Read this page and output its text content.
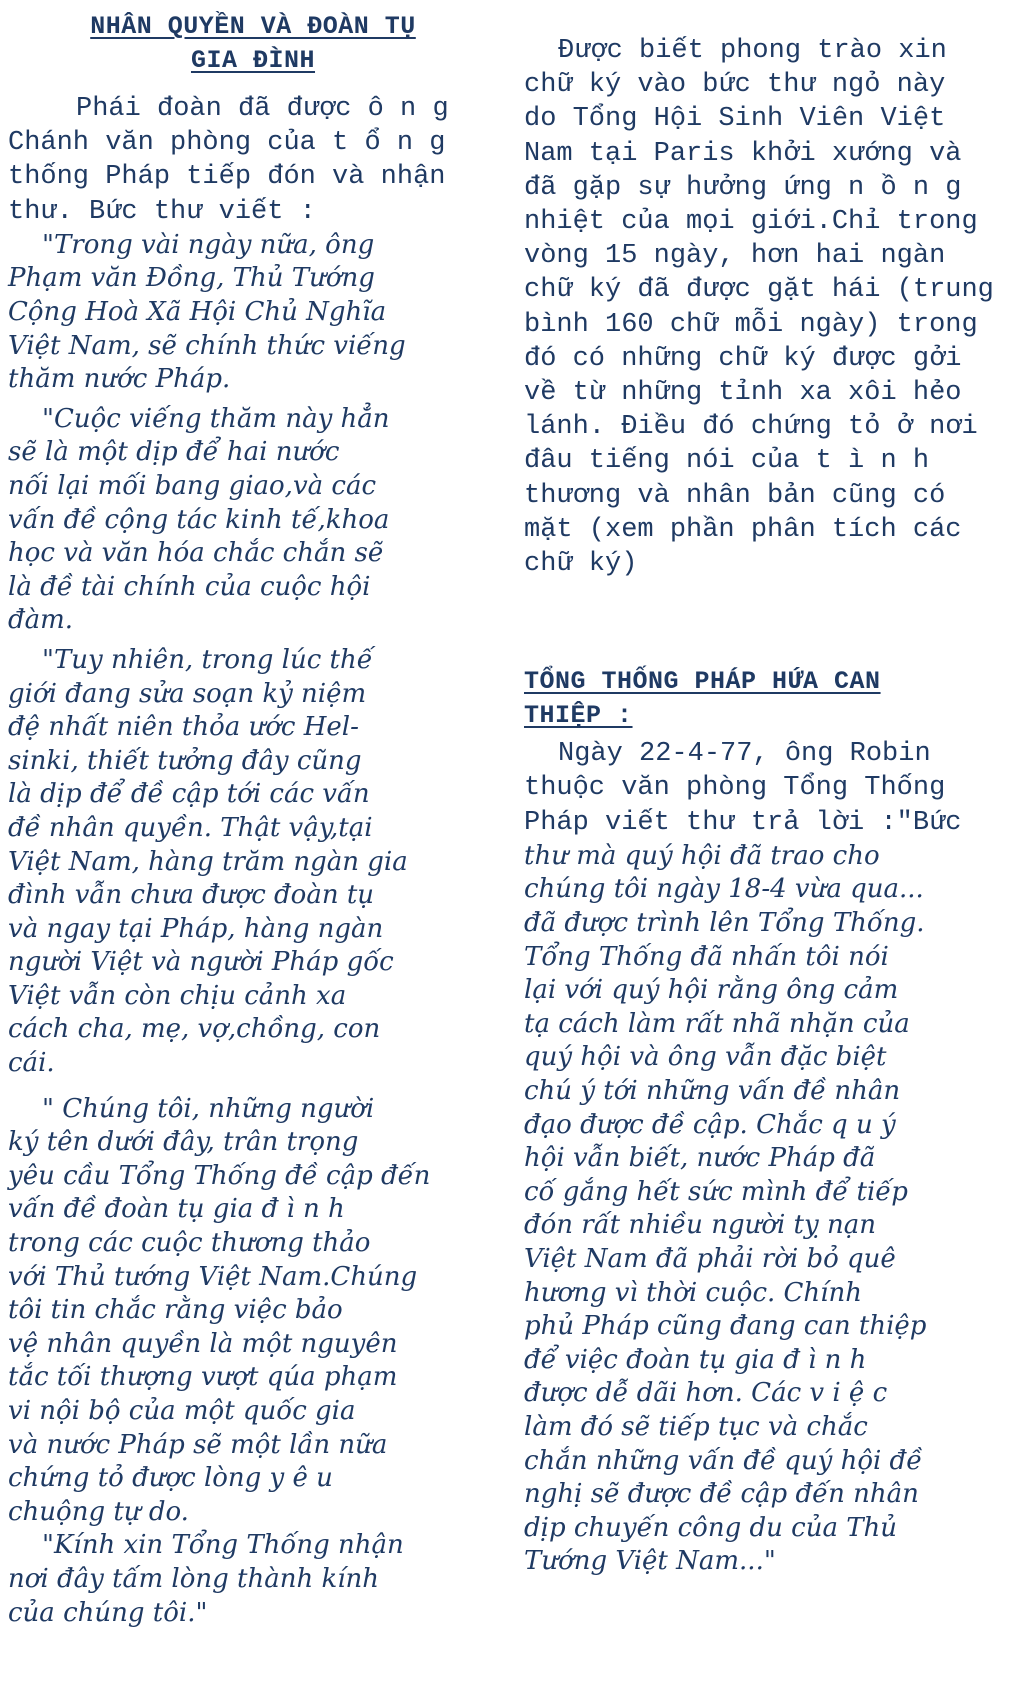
NHÂN QUYỀN VÀ ĐOÀN TỤ
GIA ĐÌNH

Phái đoàn đã được ô n g
Chánh văn phòng của t ổ n g
thống Pháp tiếp đón và nhận
thư. Bức thư viết :

"Trong vài ngày nữa, ông
Phạm văn Đồng, Thủ Tướng
Cộng Hoà Xã Hội Chủ Nghĩa
Việt Nam, sẽ chính thức viếng
thăm nước Pháp.

"Cuộc viếng thăm này hẳn
sẽ là một dịp để hai nước
nối lại mối bang giao,và các
vấn đề cộng tác kinh tế,khoa
học và văn hóa chắc chắn sẽ
là đề tài chính của cuộc hội
đàm.

"Tuy nhiên, trong lúc thế
giới đang sửa soạn kỷ niệm
đệ nhất niên thỏa ước Hel-
sinki, thiết tưởng đây cũng
là dịp để đề cập tới các vấn
đề nhân quyền. Thật vậy,tại
Việt Nam, hàng trăm ngàn gia
đình vẫn chưa được đoàn tụ
và ngay tại Pháp, hàng ngàn
người Việt và người Pháp gốc
Việt vẫn còn chịu cảnh xa
cách cha, mẹ, vợ,chồng, con
cái.

" Chúng tôi, những người
ký tên dưới đây, trân trọng
yêu cầu Tổng Thống đề cập đến
vấn đề đoàn tụ gia đ ì n h
trong các cuộc thương thảo
với Thủ tướng Việt Nam.Chúng
tôi tin chắc rằng việc bảo
vệ nhân quyền là một nguyên
tắc tối thượng vượt qúa phạm
vi nội bộ của một quốc gia
và nước Pháp sẽ một lần nữa
chứng tỏ được lòng y ê u
chuộng tự do.

"Kính xin Tổng Thống nhận
nơi đây tấm lòng thành kính
của chúng tôi."

Được biết phong trào xin
chữ ký vào bức thư ngỏ này
do Tổng Hội Sinh Viên Việt
Nam tại Paris khởi xướng và
đã gặp sự hưởng ứng n ồ n g
nhiệt của mọi giới.Chỉ trong
vòng 15 ngày, hơn hai ngàn
chữ ký đã được gặt hái (trung
bình 160 chữ mỗi ngày) trong
đó có những chữ ký được gởi
về từ những tỉnh xa xôi hẻo
lánh. Điều đó chứng tỏ ở nơi
đâu tiếng nói của t ì n h
thương và nhân bản cũng có
mặt (xem phần phân tích các
chữ ký)

TỔNG THỐNG PHÁP HỨA CAN
THIỆP :

Ngày 22-4-77, ông Robin
thuộc văn phòng Tổng Thống
Pháp viết thư trả lời :"Bức

thư mà quý hội đã trao cho
chúng tôi ngày 18-4 vừa qua...
đã được trình lên Tổng Thống.
Tổng Thống đã nhấn tôi nói
lại với quý hội rằng ông cảm
tạ cách làm rất nhã nhặn của
quý hội và ông vẫn đặc biệt
chú ý tới những vấn đề nhân
đạo được đề cập. Chắc q u ý
hội vẫn biết, nước Pháp đã
cố gắng hết sức mình để tiếp
đón rất nhiều người tỵ nạn
Việt Nam đã phải rời bỏ quê
hương vì thời cuộc. Chính
phủ Pháp cũng đang can thiệp
để việc đoàn tụ gia đ ì n h
được dễ dãi hơn. Các v i ệ c
làm đó sẽ tiếp tục và chắc
chắn những vấn đề quý hội đề
nghị sẽ được đề cập đến nhân
dịp chuyến công du của Thủ
Tướng Việt Nam..."
